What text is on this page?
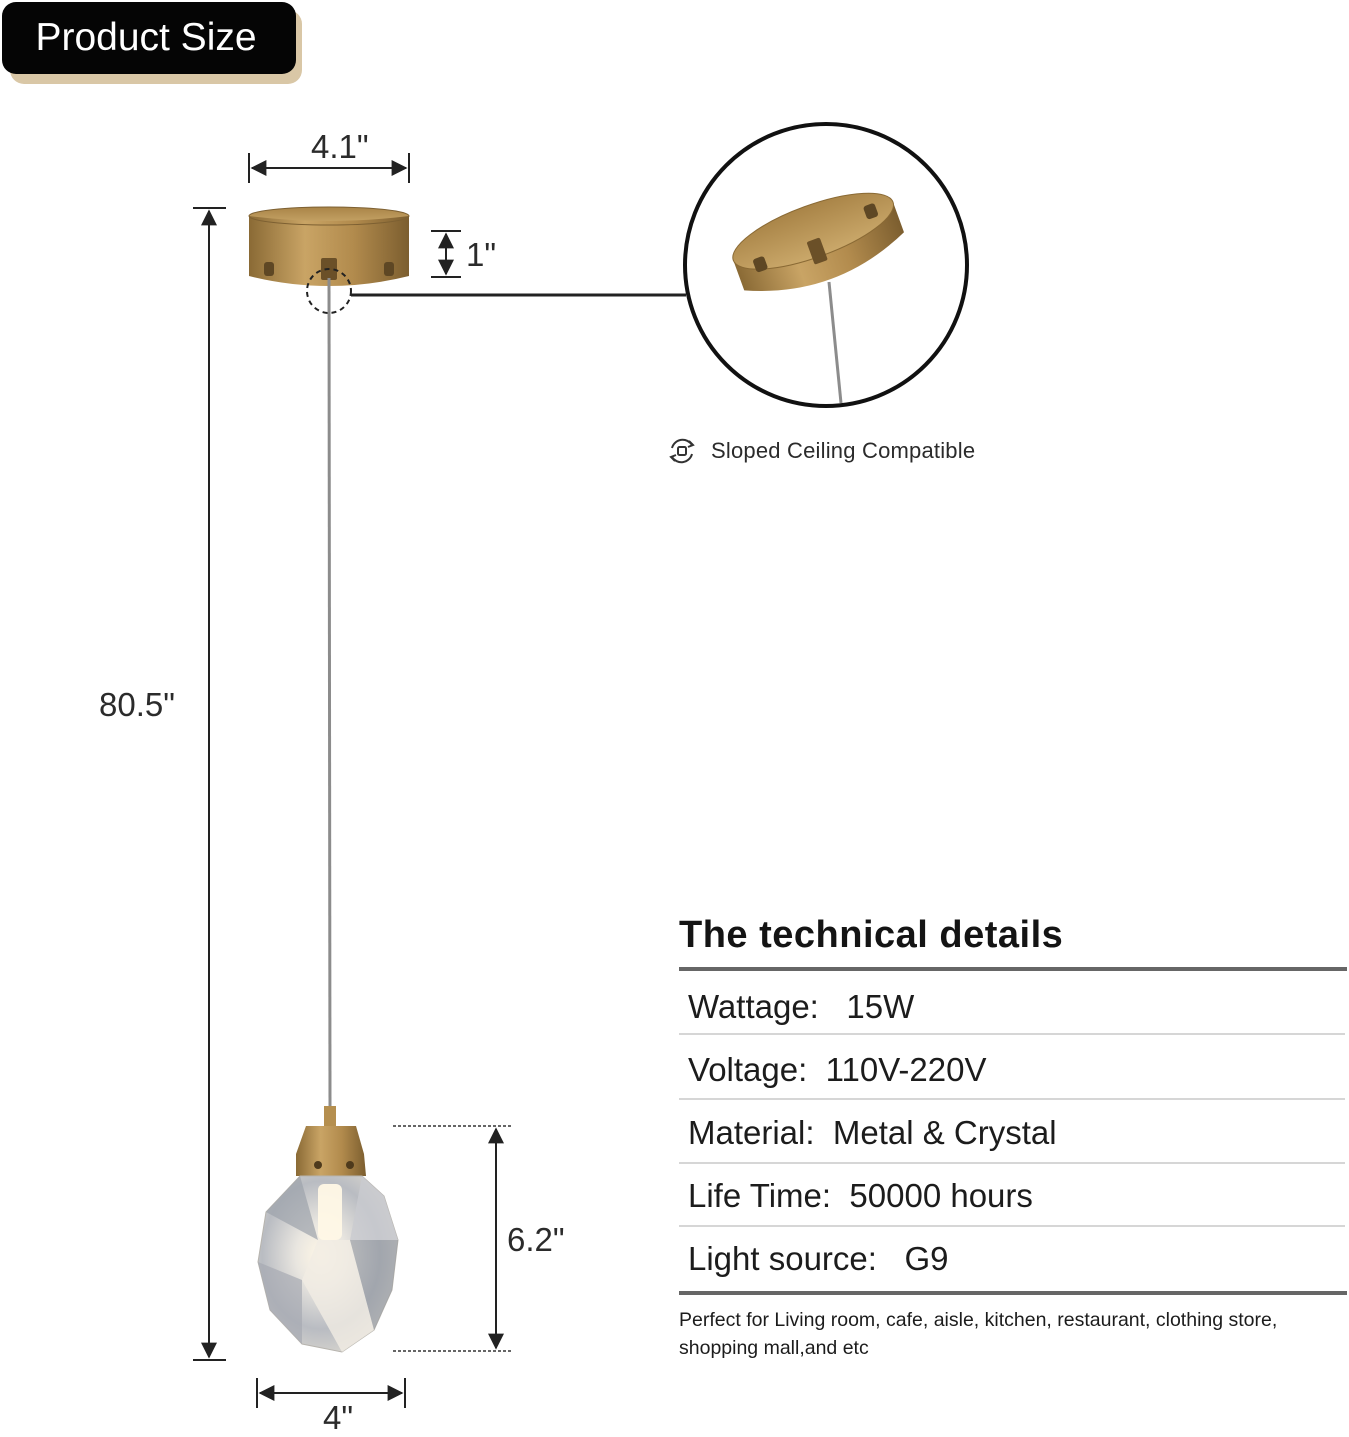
Product Size
4.1"
1"
80.5"
6.2"
4"
Sloped Ceiling Compatible
The technical details
Wattage: 15W
Voltage: 110V-220V
Material: Metal & Crystal
Life Time: 50000 hours
Light source: G9
Perfect for Living room, cafe, aisle, kitchen, restaurant, clothing store, shopping mall,and etc
